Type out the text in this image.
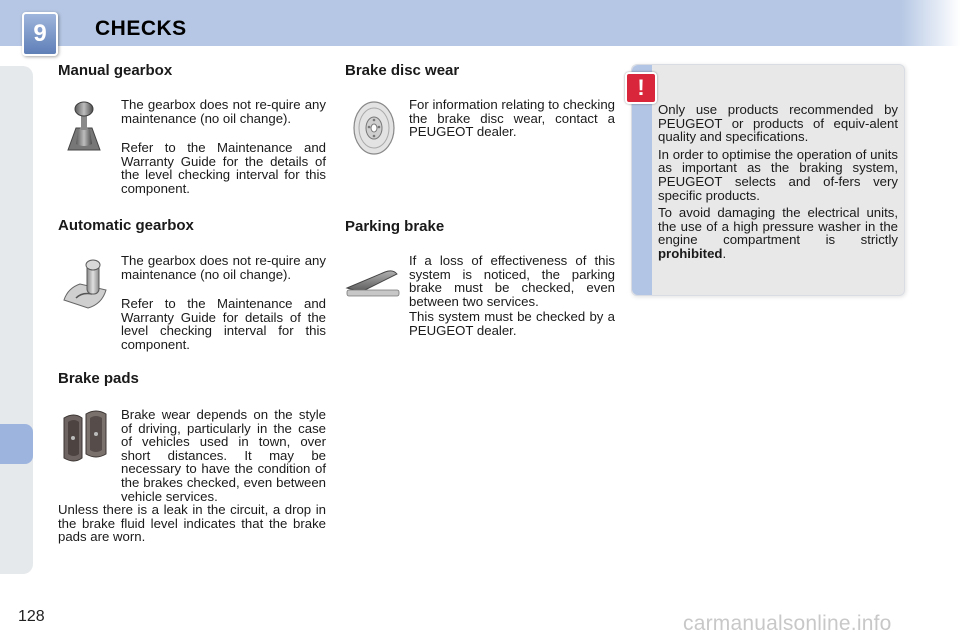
9	CHECKS
Manual gearbox

The gearbox does not re-quire any maintenance (no oil change).

Refer to the Maintenance and Warranty Guide for the details of the level checking interval for this component.

Automatic gearbox

The gearbox does not re-quire any maintenance (no oil change).

Refer to the Maintenance and Warranty Guide for details of the level checking interval for this component.

Brake pads

Brake wear depends on the style of driving, particularly in the case of vehicles used in town, over short distances. It may be necessary to have the condition of the brakes checked, even between vehicle services.

Unless there is a leak in the circuit, a drop in the brake fluid level indicates that the brake pads are worn.

Brake disc wear

For information relating to checking the brake disc wear, contact a PEUGEOT dealer.

Parking brake

If a loss of effectiveness of this system is noticed, the parking brake must be checked, even between two services.

This system must be checked by a PEUGEOT dealer.

!
Only use products recommended by PEUGEOT or products of equiv-alent quality and specifications.
In order to optimise the operation of units as important as the braking system, PEUGEOT selects and of-fers very specific products.
To avoid damaging the electrical units, the use of a high pressure washer in the engine compartment is strictly prohibited.
128	carmanualsonline.info
